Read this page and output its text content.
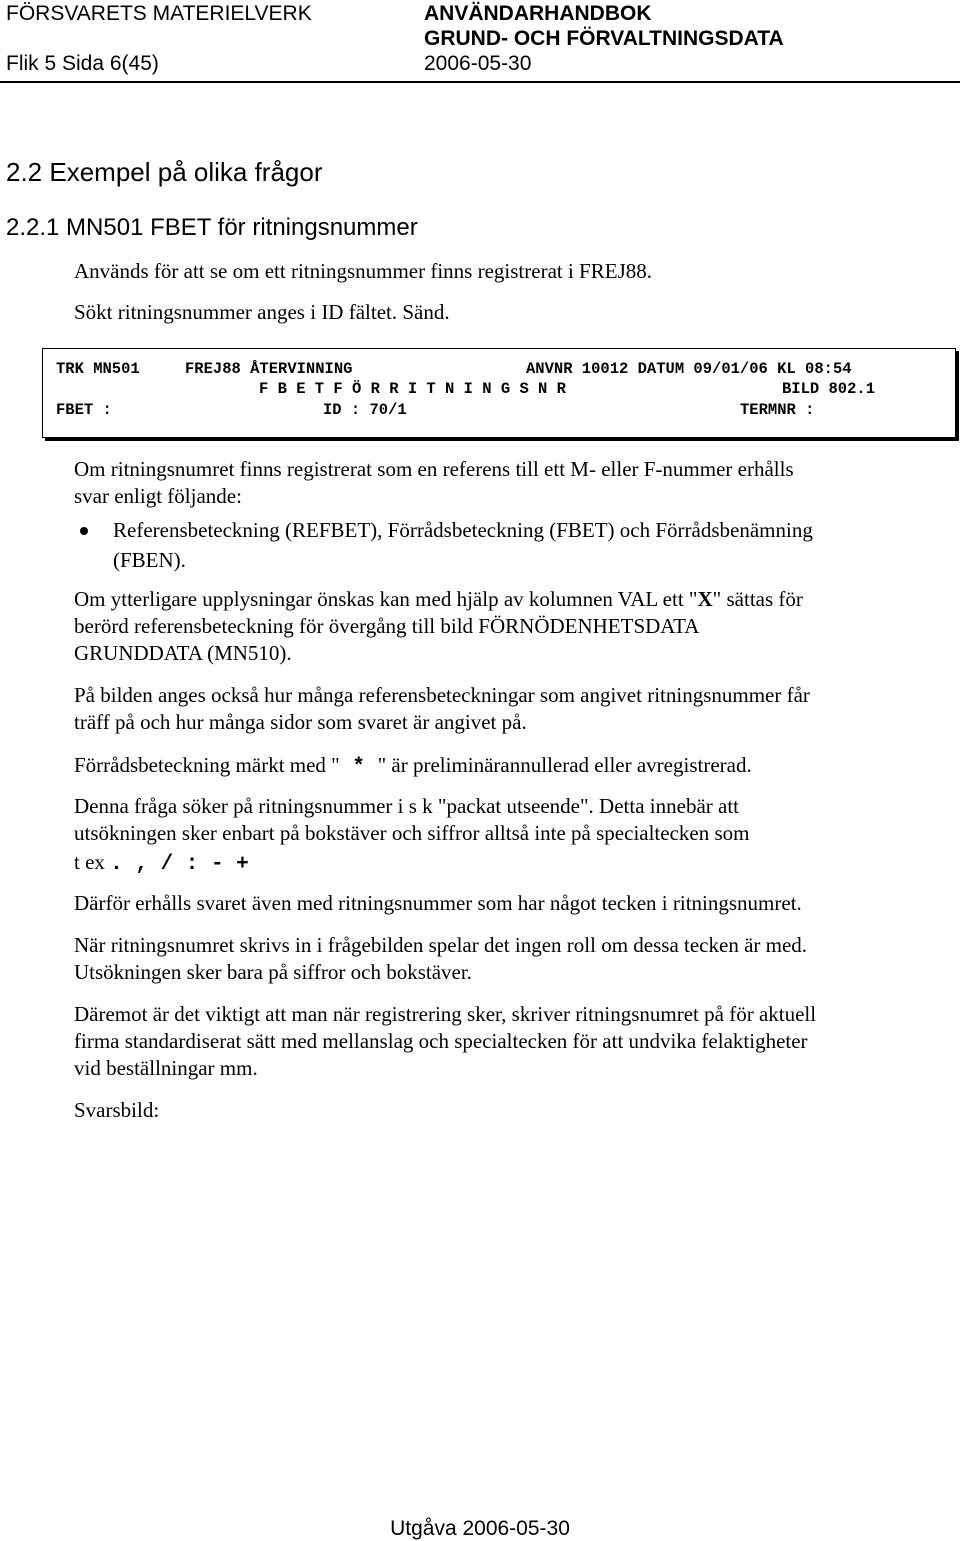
FÖRSVARETS MATERIELVERK
Flik 5 Sida 6(45)
ANVÄNDARHANDBOK
GRUND- OCH FÖRVALTNINGSDATA
2006-05-30
2.2 Exempel på olika frågor
2.2.1 MN501 FBET för ritningsnummer
Används för att se om ett ritningsnummer finns registrerat i FREJ88.
Sökt ritningsnummer anges i ID fältet. Sänd.
TRK MN501	FREJ88 ÅTERVINNING	ANVNR 10012 DATUM 09/01/06 KL 08:54
F B E T F Ö R R I T N I N G S N R	BILD 802.1
FBET :	ID : 70/1	TERMNR :
Om ritningsnumret finns registrerat som en referens till ett M- eller F-nummer erhålls
svar enligt följande:
Referensbeteckning (REFBET), Förrådsbeteckning (FBET) och Förrådsbenämning
(FBEN).
Om ytterligare upplysningar önskas kan med hjälp av kolumnen VAL ett "X" sättas för
berörd referensbeteckning för övergång till bild FÖRNÖDENHETSDATA
GRUNDDATA (MN510).
På bilden anges också hur många referensbeteckningar som angivet ritningsnummer får
träff på och hur många sidor som svaret är angivet på.
Förrådsbeteckning märkt med " * " är preliminärannullerad eller avregistrerad.
Denna fråga söker på ritningsnummer i s k "packat utseende". Detta innebär att
utsökningen sker enbart på bokstäver och siffror alltså inte på specialtecken som
t ex . , / : - +
Därför erhålls svaret även med ritningsnummer som har något tecken i ritningsnumret.
När ritningsnumret skrivs in i frågebilden spelar det ingen roll om dessa tecken är med.
Utsökningen sker bara på siffror och bokstäver.
Däremot är det viktigt att man när registrering sker, skriver ritningsnumret på för aktuell
firma standardiserat sätt med mellanslag och specialtecken för att undvika felaktigheter
vid beställningar mm.
Svarsbild:
Utgåva 2006-05-30
